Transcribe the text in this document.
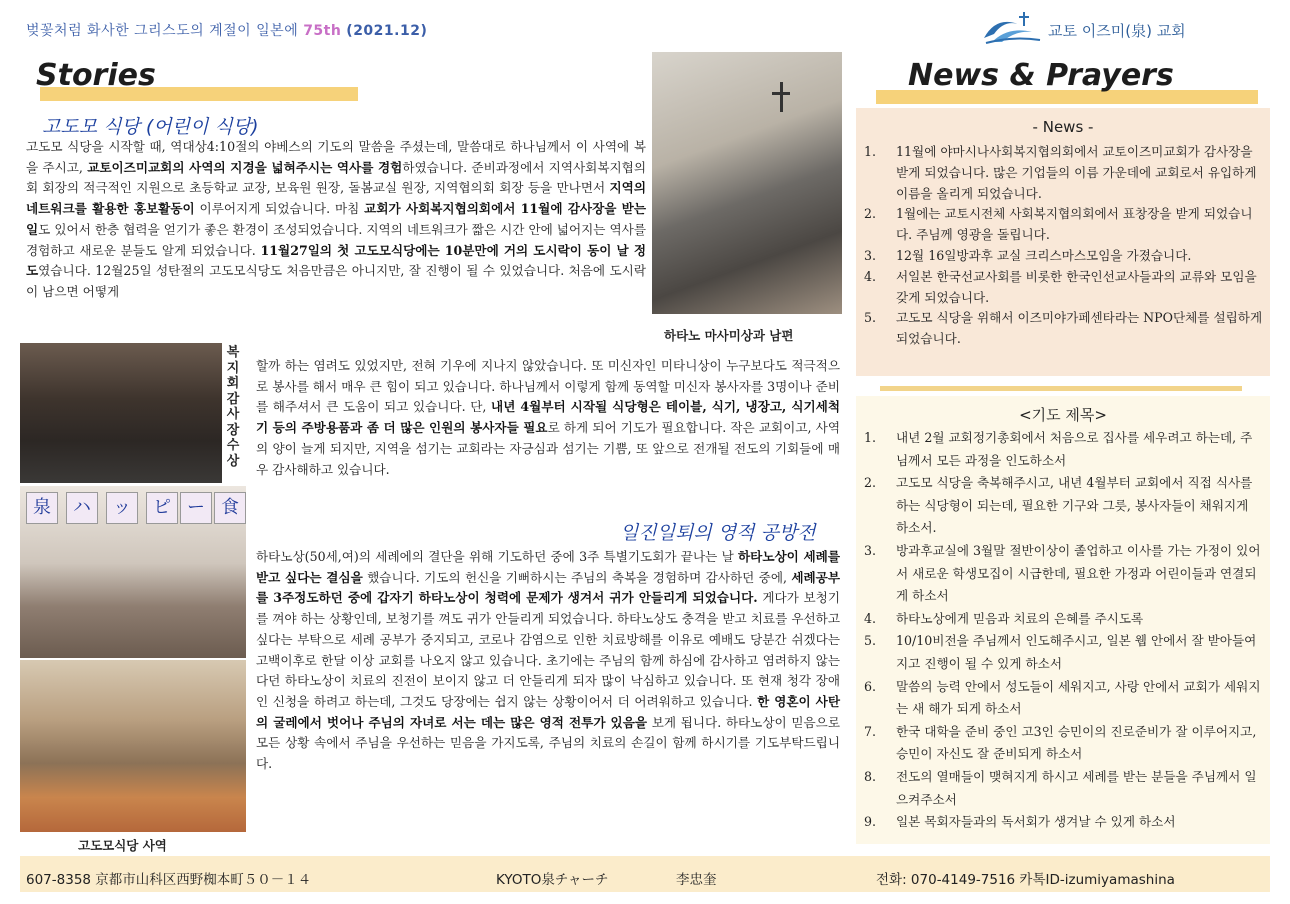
벚꽃처럼 화사한 그리스도의 계절이 일본에 75th (2021.12)	교토 이즈미(泉) 교회
Stories
고도모 식당 (어린이 식당)
고도모 식당을 시작할 때, 역대상4:10절의 야베스의 기도의 말씀을 주셨는데, 말씀대로 하나님께서 이 사역에 복을 주시고, 교토이즈미교회의 사역의 지경을 넓혀주시는 역사를 경험하였습니다. 준비과정에서 지역사회복지협의회 회장의 적극적인 지원으로 초등학교 교장, 보육원 원장, 돌봄교실 원장, 지역협의회 회장 등을 만나면서 지역의 네트워크를 활용한 홍보활동이 이루어지게 되었습니다. 마침 교회가 사회복지협의회에서 11월에 감사장을 받는 일도 있어서 한층 협력을 얻기가 좋은 환경이 조성되었습니다. 지역의 네트워크가 짧은 시간 안에 넓어지는 역사를 경험하고 새로운 분들도 알게 되었습니다. 11월27일의 첫 고도모식당에는 10분만에 거의 도시락이 동이 날 정도였습니다. 12월25일 성탄절의 고도모식당도 처음만큼은 아니지만, 잘 진행이 될 수 있었습니다. 처음에 도시락이 남으면 어떻게
할까 하는 염려도 있었지만, 전혀 기우에 지나지 않았습니다. 또 미신자인 미타니상이 누구보다도 적극적으로 봉사를 해서 매우 큰 힘이 되고 있습니다. 하나님께서 이렇게 함께 동역할 미신자 봉사자를 3명이나 준비를 해주셔서 큰 도움이 되고 있습니다. 단, 내년 4월부터 시작될 식당형은 테이블, 식기, 냉장고, 식기세척기 등의 주방용품과 좀 더 많은 인원의 봉사자들 필요로 하게 되어 기도가 필요합니다. 작은 교회이고, 사역의 양이 늘게 되지만, 지역을 섬기는 교회라는 자긍심과 섬기는 기쁨, 또 앞으로 전개될 전도의 기회들에 매우 감사해하고 있습니다.
하타노 마사미상과 남편
복지회감사장수상
泉	ハ	ッ	ピ ー 食
고도모식당 사역
일진일퇴의 영적 공방전
하타노상(50세,여)의 세례에의 결단을 위해 기도하던 중에 3주 특별기도회가 끝나는 날 하타노상이 세례를 받고 싶다는 결심을 했습니다. 기도의 헌신을 기뻐하시는 주님의 축복을 경험하며 감사하던 중에, 세례공부를 3주정도하던 중에 갑자기 하타노상이 청력에 문제가 생겨서 귀가 안들리게 되었습니다. 게다가 보청기를 껴야 하는 상황인데, 보청기를 껴도 귀가 안들리게 되었습니다. 하타노상도 충격을 받고 치료를 우선하고싶다는 부탁으로 세례 공부가 중지되고, 코로나 감염으로 인한 치료방해를 이유로 예배도 당분간 쉬겠다는 고백이후로 한달 이상 교회를 나오지 않고 있습니다. 초기에는 주님의 함께 하심에 감사하고 염려하지 않는다던 하타노상이 치료의 진전이 보이지 않고 더 안들리게 되자 많이 낙심하고 있습니다. 또 현재 청각 장애인 신청을 하려고 하는데, 그것도 당장에는 쉽지 않는 상황이어서 더 어려워하고 있습니다. 한 영혼이 사탄의 굴레에서 벗어나 주님의 자녀로 서는 데는 많은 영적 전투가 있음을 보게 됩니다. 하타노상이 믿음으로 모든 상황 속에서 주님을 우선하는 믿음을 가지도록, 주님의 치료의 손길이 함께 하시기를 기도부탁드립니다.
News & Prayers
- News -
1.	11월에 야마시나사회복지협의회에서 교토이즈미교회가 감사장을 받게 되었습니다. 많은 기업들의 이름 가운데에 교회로서 유입하게 이름을 올리게 되었습니다.
2.	1월에는 교토시전체 사회복지협의회에서 표창장을 받게 되었습니다. 주님께 영광을 돌립니다.
3.	12월 16일방과후 교실 크리스마스모임을 가졌습니다.
4.	서일본 한국선교사회를 비롯한 한국인선교사들과의 교류와 모임을 갖게 되었습니다.
5.	고도모 식당을 위해서 이즈미야가페센타라는 NPO단체를 설립하게 되었습니다.
<기도 제목>
1.	내년 2월 교회정기총회에서 처음으로 집사를 세우려고 하는데, 주님께서 모든 과정을 인도하소서
2.	고도모 식당을 축복해주시고, 내년 4월부터 교회에서 직접 식사를 하는 식당형이 되는데, 필요한 기구와 그릇, 봉사자들이 채워지게 하소서.
3.	방과후교실에 3월말 절반이상이 졸업하고 이사를 가는 가정이 있어서 새로운 학생모집이 시급한데, 필요한 가정과 어린이들과 연결되게 하소서
4.	하타노상에게 믿음과 치료의 은혜를 주시도록
5.	10/10비전을 주님께서 인도해주시고, 일본 웹 안에서 잘 받아들여지고 진행이 될 수 있게 하소서
6.	말씀의 능력 안에서 성도들이 세워지고, 사랑 안에서 교회가 세워지는 새 해가 되게 하소서
7.	한국 대학을 준비 중인 고3인 승민이의 진로준비가 잘 이루어지고, 승민이 자신도 잘 준비되게 하소서
8.	전도의 열매들이 맺혀지게 하시고 세례를 받는 분들을 주님께서 일으켜주소서
9.	일본 목회자들과의 독서회가 생겨날 수 있게 하소서
607-8358 京都市山科区西野椥本町５０－１４	KYOTO泉チャーチ	李忠奎	전화: 070-4149-7516 카톡ID-izumiyamashina
